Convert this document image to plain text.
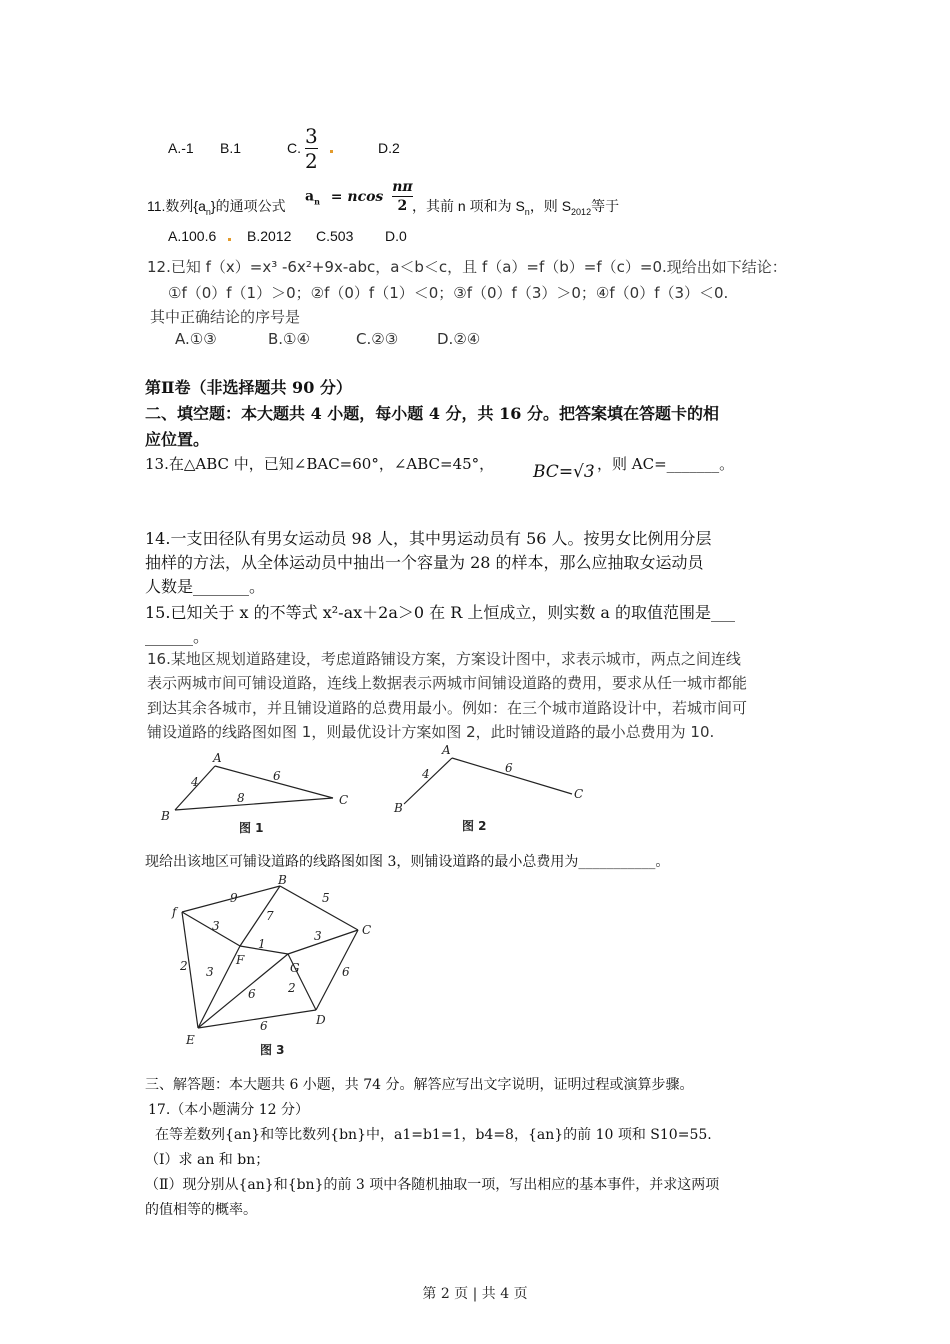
A.-1 B.1	C. $\frac{3}{2}$	D.2
11.数列$\{a_n\}$的通项公式
$a_n = ncos \frac{n\pi}{2}$ ，其前 n 项和为 $S_n$，则 $S_{2012}$等于
A.100.6 B.2012 C.503 D.0
12.已知 f（x）=x³ -6x²+9x-abc，a＜b＜c，且 f（a）=f（b）=f（c）=0.现给出如下结论：
①f（0）f（1）＞0；②f（0）f（1）＜0；③f（0）f（3）＞0；④f（0）f（3）＜0.
其中正确结论的序号是
A.①③	B.①④	C.②③	D.②④
第Ⅱ卷（非选择题共 90 分）
二、填空题：本大题共 4 小题，每小题 4 分，共 16 分。把答案填在答题卡的相
应位置。
13.在△ABC 中，已知∠BAC=60°，∠ABC=45°， BC=√3 ，则 AC=_______。
14.一支田径队有男女运动员 98 人，其中男运动员有 56 人。按男女比例用分层
抽样的方法，从全体运动员中抽出一个容量为 28 的样本，那么应抽取女运动员
人数是_______。
15.已知关于 x 的不等式 x²-ax＋2a＞0 在 R 上恒成立，则实数 a 的取值范围是___
______。
16.某地区规划道路建设，考虑道路铺设方案，方案设计图中，求表示城市，两点之间连线
表示两城市间可铺设道路，连线上数据表示两城市间铺设道路的费用，要求从任一城市都能
到达其余各城市，并且铺设道路的总费用最小。例如：在三个城市道路设计中，若城市间可
铺设道路的线路图如图 1，则最优设计方案如图 2，此时铺设道路的最小总费用为 10.
A
B
C
4	6
8
图 1
A
B
C
4	6
图 2
现给出该地区可铺设道路的线路图如图 3，则铺设道路的最小总费用为___________。
f
B
C
F
G
D
E
9	5
3
7
1
3
2 3	6
6	2
6
图 3
三、解答题：本大题共 6 小题，共 74 分。解答应写出文字说明，证明过程或演算步骤。
17.（本小题满分 12 分）
在等差数列{an}和等比数列{bn}中，a1=b1=1，b4=8，{an}的前 10 项和 S10=55.
（Ⅰ）求 an 和 bn；
（Ⅱ）现分别从{an}和{bn}的前 3 项中各随机抽取一项，写出相应的基本事件，并求这两项
的值相等的概率。
第 2 页 | 共 4 页
